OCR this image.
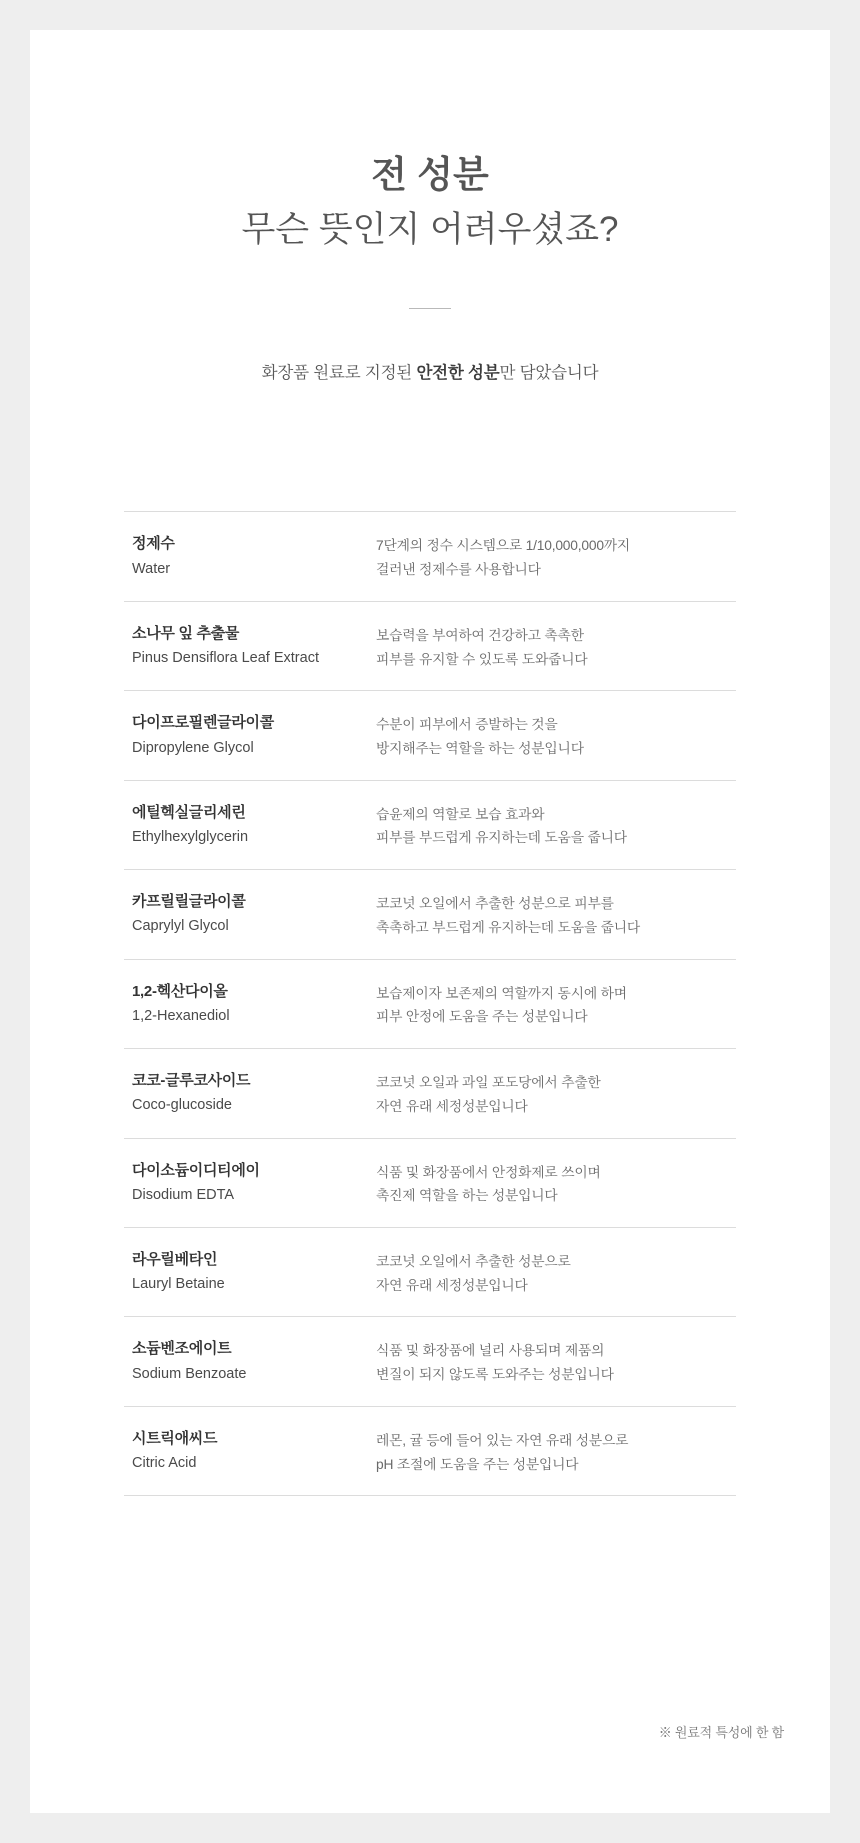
전 성분
무슨 뜻인지 어려우셨죠?
화장품 원료로 지정된 안전한 성분만 담았습니다
정제수
Water
7단계의 정수 시스템으로 1/10,000,000까지
걸러낸 정제수를 사용합니다
소나무 잎 추출물
Pinus Densiflora Leaf Extract
보습력을 부여하여 건강하고 촉촉한
피부를 유지할 수 있도록 도와줍니다
다이프로필렌글라이콜
Dipropylene Glycol
수분이 피부에서 증발하는 것을
방지해주는 역할을 하는 성분입니다
에틸헥실글리세린
Ethylhexylglycerin
습윤제의 역할로 보습 효과와
피부를 부드럽게 유지하는데 도움을 줍니다
카프릴릴글라이콜
Caprylyl Glycol
코코넛 오일에서 추출한 성분으로 피부를
촉촉하고 부드럽게 유지하는데 도움을 줍니다
1,2-헥산다이올
1,2-Hexanediol
보습제이자 보존제의 역할까지 동시에 하며
피부 안정에 도움을 주는 성분입니다
코코-글루코사이드
Coco-glucoside
코코넛 오일과 과일 포도당에서 추출한
자연 유래 세정성분입니다
다이소듐이디티에이
Disodium EDTA
식품 및 화장품에서 안정화제로 쓰이며
촉진제 역할을 하는 성분입니다
라우릴베타인
Lauryl Betaine
코코넛 오일에서 추출한 성분으로
자연 유래 세정성분입니다
소듐벤조에이트
Sodium Benzoate
식품 및 화장품에 널리 사용되며 제품의
변질이 되지 않도록 도와주는 성분입니다
시트릭애씨드
Citric Acid
레몬, 귤 등에 들어 있는 자연 유래 성분으로
pH 조절에 도움을 주는 성분입니다
※ 원료적 특성에 한 함
